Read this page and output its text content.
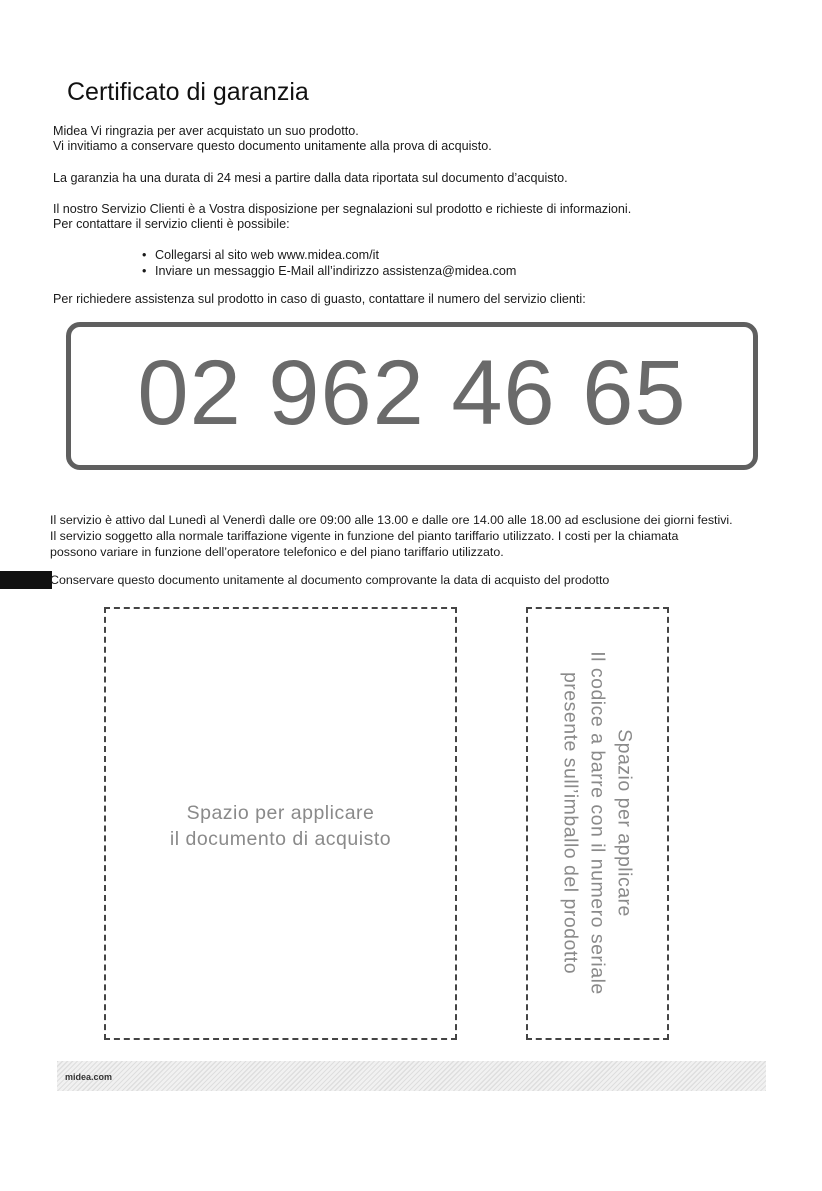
Certificato di garanzia
Midea Vi ringrazia per aver acquistato un suo prodotto.
Vi invitiamo a conservare questo documento unitamente alla prova di acquisto.
La garanzia ha una durata di 24 mesi a partire dalla data riportata sul documento d’acquisto.
Il nostro Servizio Clienti è a Vostra disposizione per segnalazioni sul prodotto e richieste di informazioni.
Per contattare il servizio clienti è possibile:
• Collegarsi al sito web www.midea.com/it
• Inviare un messaggio E-Mail all’indirizzo assistenza@midea.com
Per richiedere assistenza sul prodotto in caso di guasto, contattare il numero del servizio clienti:
02 962 46 65
Il servizio è attivo dal Lunedì al Venerdì dalle ore 09:00 alle 13.00 e dalle ore 14.00 alle 18.00 ad esclusione dei giorni festivi.
Il servizio soggetto alla normale tariffazione vigente in funzione del pianto tariffario utilizzato. I costi per la chiamata
possono variare in funzione dell’operatore telefonico e del piano tariffario utilizzato.
Conservare questo documento unitamente al documento comprovante la data di acquisto del prodotto
Spazio per applicare
il documento di acquisto	Spazio per applicare
Il codice a barre con il numero seriale
presente sull’imballo del prodotto
midea.com
